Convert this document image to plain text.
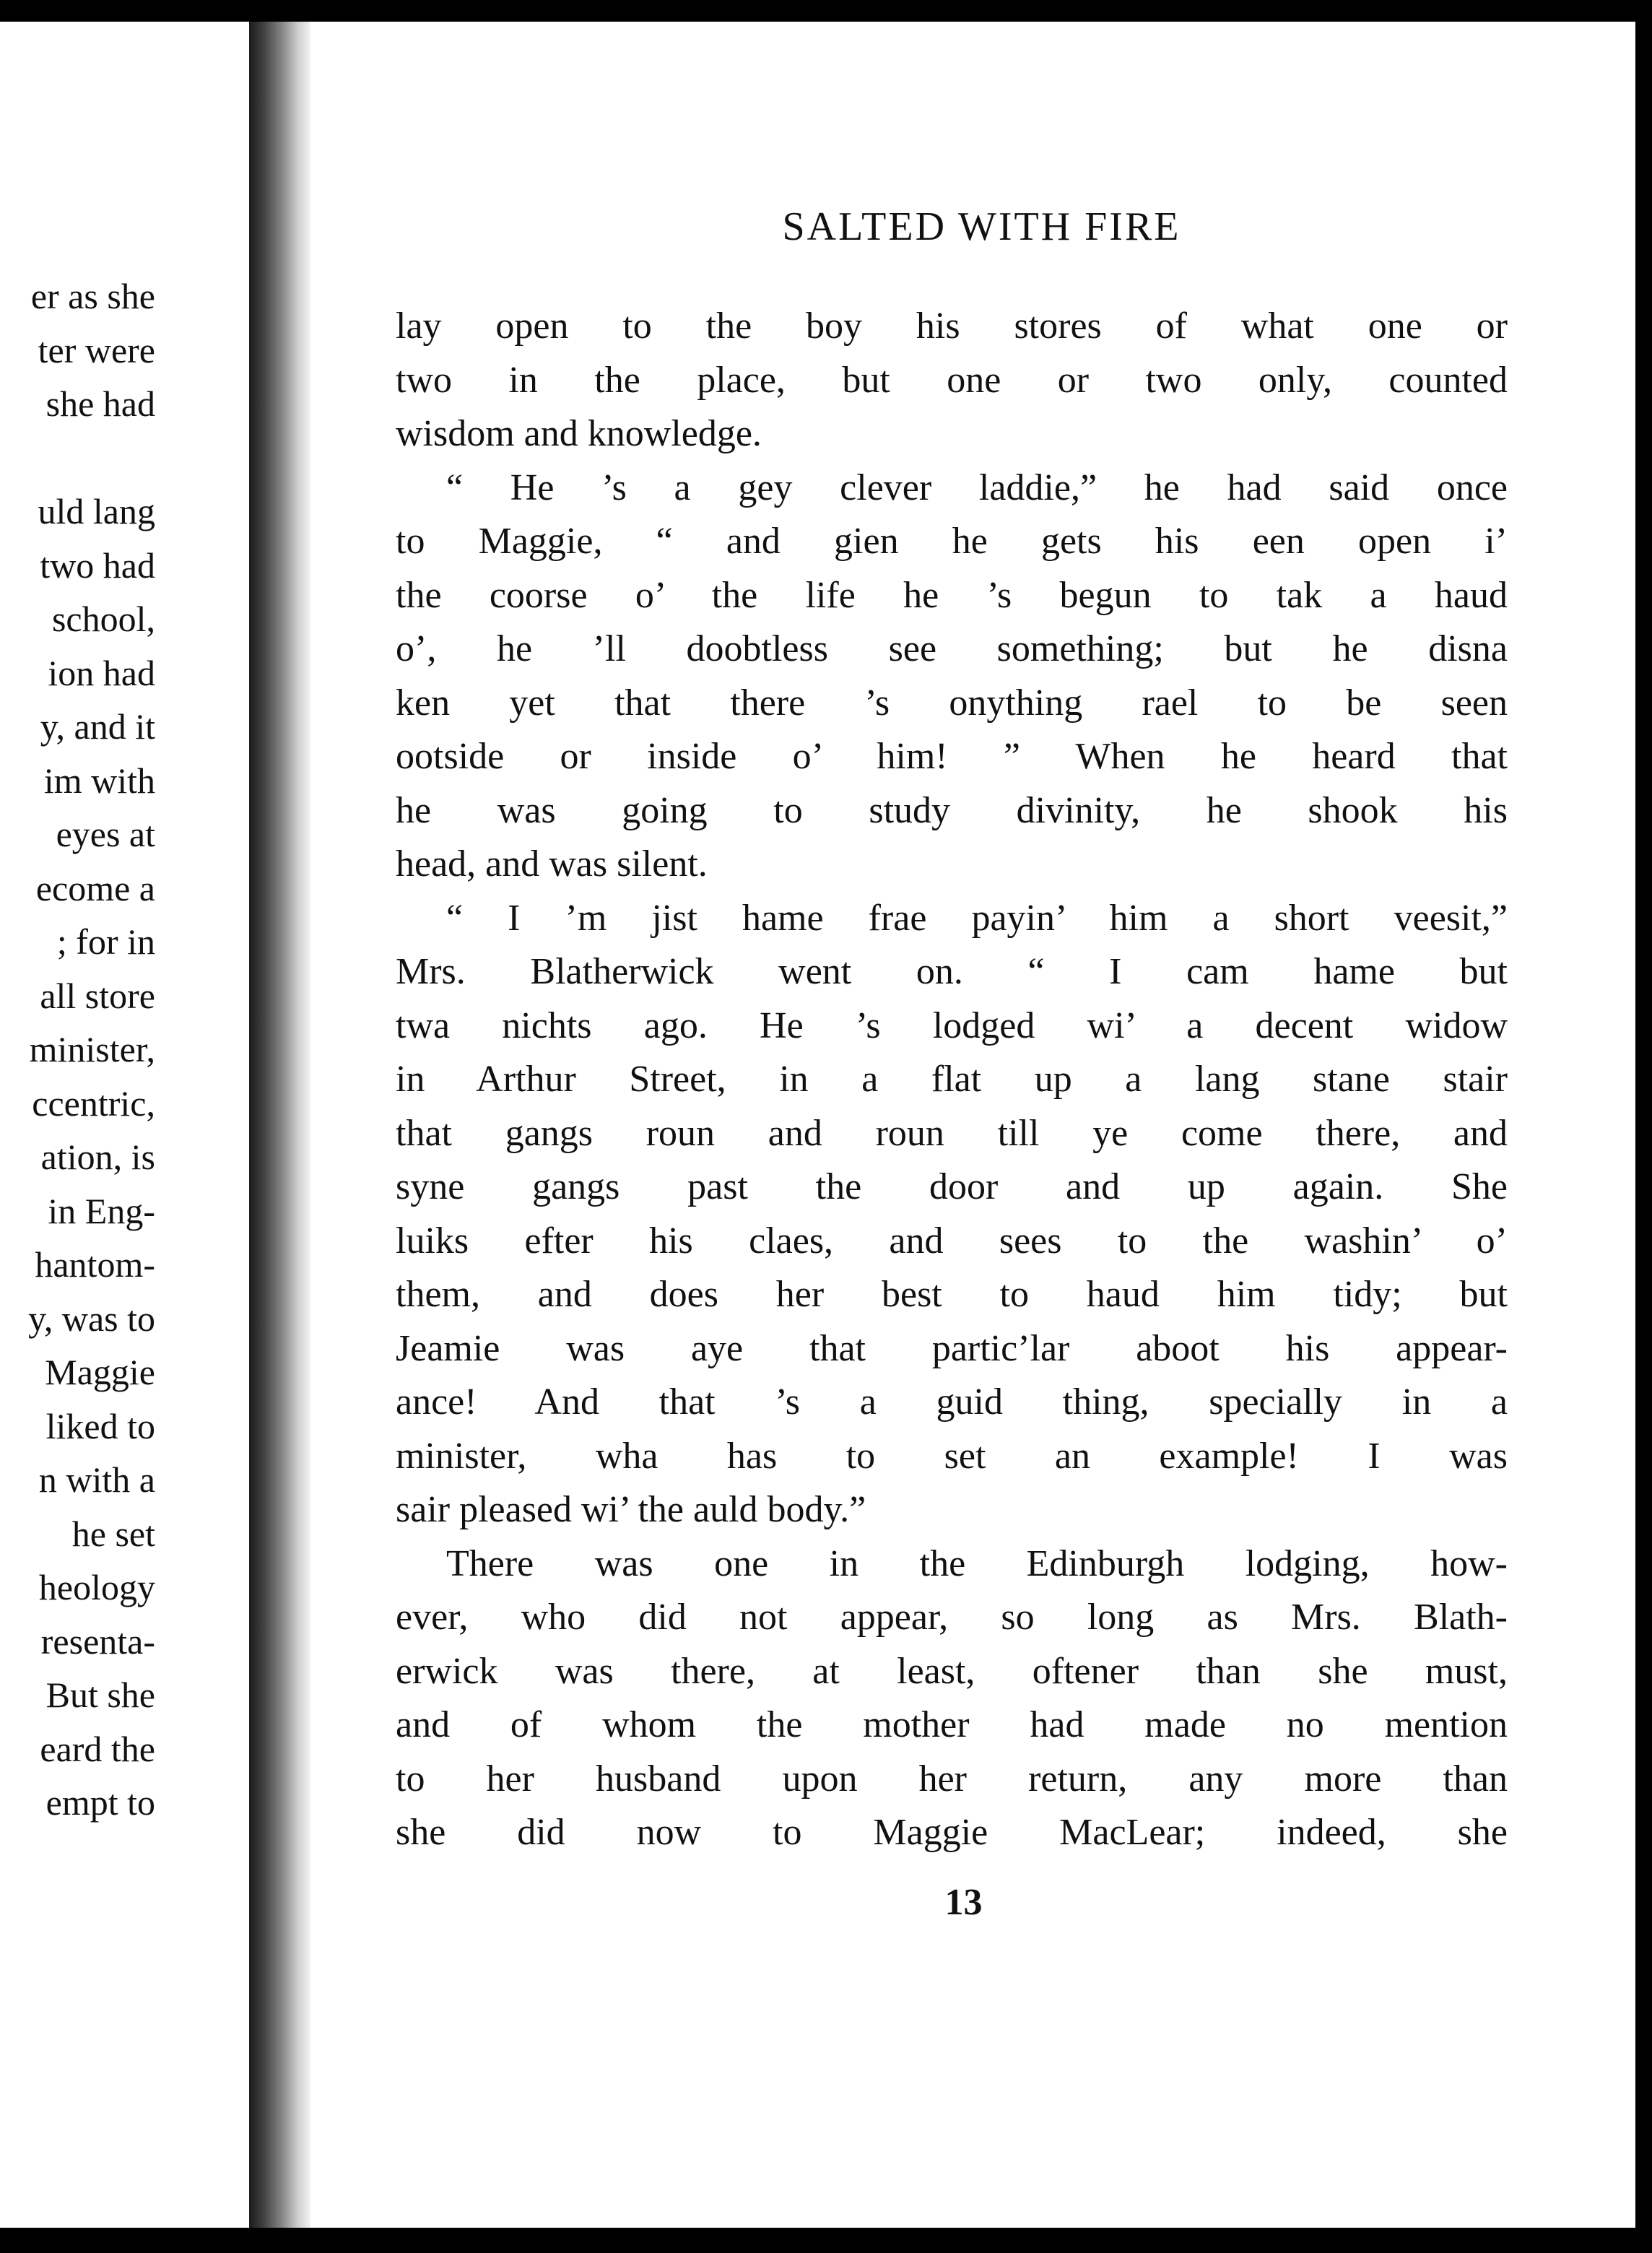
er as she
ter were
she had
uld lang
two had
school,
ion had
y, and it
im with
eyes at
ecome a
; for in
all store
minister,
ccentric,
ation, is
in Eng-
hantom-
y, was to
Maggie
liked to
n with a
he set
heology
resenta-
But she
eard the
empt to
SALTED WITH FIRE
lay open to the boy his stores of what one or
two in the place, but one or two only, counted
wisdom and knowledge.
“ He ’s a gey clever laddie,” he had said once
to Maggie, “ and gien he gets his een open i’
the coorse o’ the life he ’s begun to tak a haud
o’, he ’ll doobtless see something; but he disna
ken yet that there ’s onything rael to be seen
ootside or inside o’ him! ” When he heard that
he was going to study divinity, he shook his
head, and was silent.
“ I ’m jist hame frae payin’ him a short veesit,”
Mrs. Blatherwick went on. “ I cam hame but
twa nichts ago. He ’s lodged wi’ a decent widow
in Arthur Street, in a flat up a lang stane stair
that gangs roun and roun till ye come there, and
syne gangs past the door and up again. She
luiks efter his claes, and sees to the washin’ o’
them, and does her best to haud him tidy; but
Jeamie was aye that partic’lar aboot his appear-
ance! And that ’s a guid thing, specially in a
minister, wha has to set an example! I was
sair pleased wi’ the auld body.”
There was one in the Edinburgh lodging, how-
ever, who did not appear, so long as Mrs. Blath-
erwick was there, at least, oftener than she must,
and of whom the mother had made no mention
to her husband upon her return, any more than
she did now to Maggie MacLear; indeed, she
13
